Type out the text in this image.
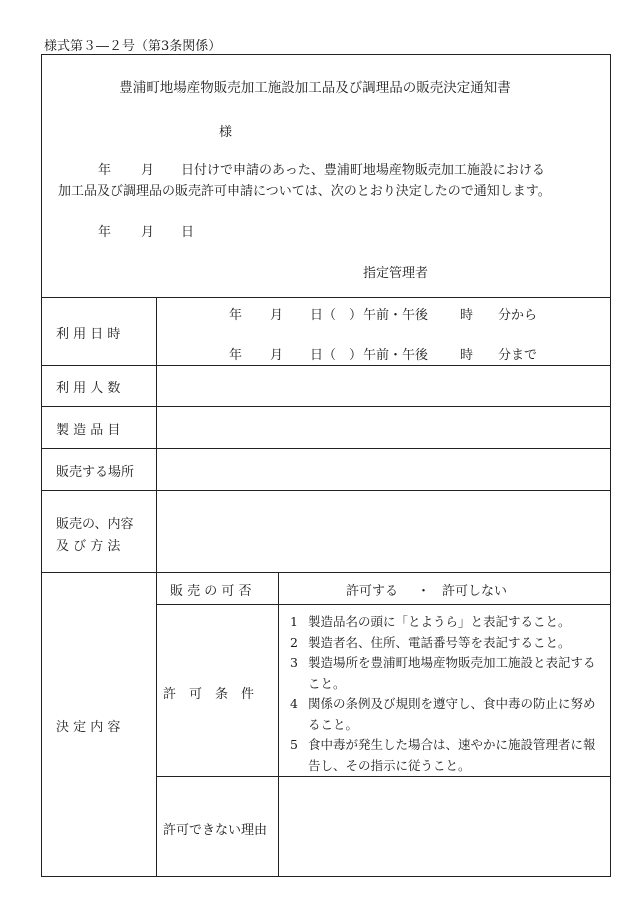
様式第３―２号（第3条関係）
豊浦町地場産物販売加工施設加工品及び調理品の販売決定通知書
様
年 月 日付けで申請のあった、豊浦町地場産物販売加工施設における
加工品及び調理品の販売許可申請については、次のとおり決定したので通知します。
年 月 日
指定管理者
利 用 日 時
年 月 日（　） 午前・午後 時 分から
年 月 日（　） 午前・午後 時 分まで
利 用 人 数
製 造 品 目
販売する場所
販売の、内容
及 び 方 法
決 定 内 容
販 売 の 可 否	許可する ・ 許可しない
許　可　条　件
1 製造品名の頭に「とようら」と表記すること。
2 製造者名、住所、電話番号等を表記すること。
3 製造場所を豊浦町地場産物販売加工施設と表記すること。
4 関係の条例及び規則を遵守し、食中毒の防止に努めること。
5 食中毒が発生した場合は、速やかに施設管理者に報告し、その指示に従うこと。
許可できない理由
